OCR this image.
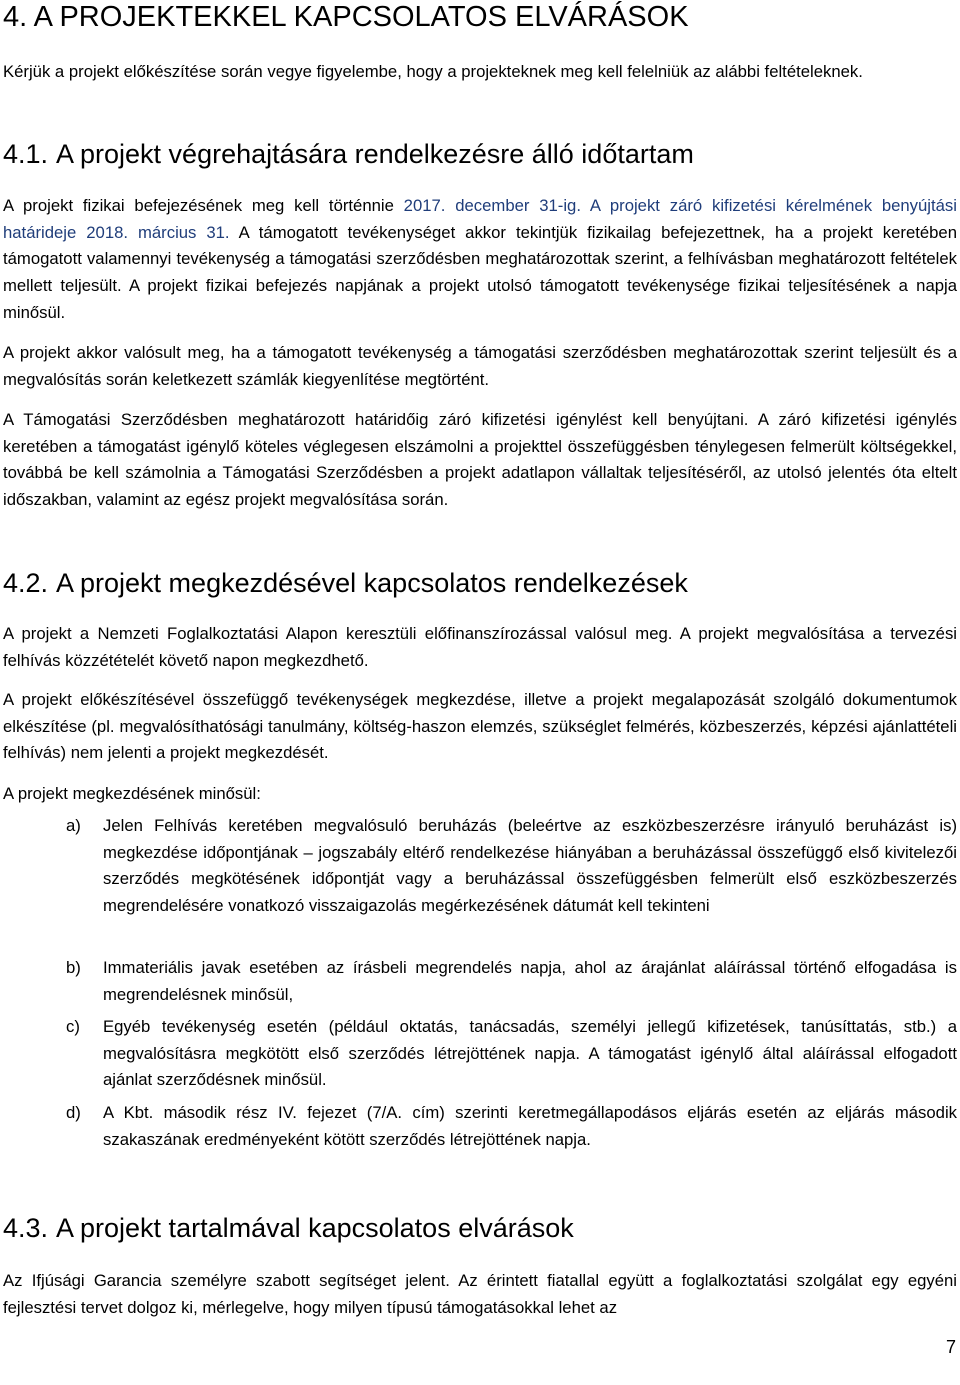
4. A PROJEKTEKKEL KAPCSOLATOS ELVÁRÁSOK

Kérjük a projekt előkészítése során vegye figyelembe, hogy a projekteknek meg kell felelniük az alábbi feltételeknek.

4.1. A projekt végrehajtására rendelkezésre álló időtartam

A projekt fizikai befejezésének meg kell történnie 2017. december 31-ig. A projekt záró kifizetési kérelmének benyújtási határideje 2018. március 31. A támogatott tevékenységet akkor tekintjük fizikailag befejezettnek, ha a projekt keretében támogatott valamennyi tevékenység a támogatási szerződésben meghatározottak szerint, a felhívásban meghatározott feltételek mellett teljesült. A projekt fizikai befejezés napjának a projekt utolsó támogatott tevékenysége fizikai teljesítésének a napja minősül.

A projekt akkor valósult meg, ha a támogatott tevékenység a támogatási szerződésben meghatározottak szerint teljesült és a megvalósítás során keletkezett számlák kiegyenlítése megtörtént.

A Támogatási Szerződésben meghatározott határidőig záró kifizetési igénylést kell benyújtani. A záró kifizetési igénylés keretében a támogatást igénylő köteles véglegesen elszámolni a projekttel összefüggésben ténylegesen felmerült költségekkel, továbbá be kell számolnia a Támogatási Szerződésben a projekt adatlapon vállaltak teljesítéséről, az utolsó jelentés óta eltelt időszakban, valamint az egész projekt megvalósítása során.

4.2. A projekt megkezdésével kapcsolatos rendelkezések

A projekt a Nemzeti Foglalkoztatási Alapon keresztüli előfinanszírozással valósul meg. A projekt megvalósítása a tervezési felhívás közzétételét követő napon megkezdhető.

A projekt előkészítésével összefüggő tevékenységek megkezdése, illetve a projekt megalapozását szolgáló dokumentumok elkészítése (pl. megvalósíthatósági tanulmány, költség-haszon elemzés, szükséglet felmérés, közbeszerzés, képzési ajánlattételi felhívás) nem jelenti a projekt megkezdését.

A projekt megkezdésének minősül:

a) Jelen Felhívás keretében megvalósuló beruházás (beleértve az eszközbeszerzésre irányuló beruházást is) megkezdése időpontjának – jogszabály eltérő rendelkezése hiányában a beruházással összefüggő első kivitelezői szerződés megkötésének időpontját vagy a beruházással összefüggésben felmerült első eszközbeszerzés megrendelésére vonatkozó visszaigazolás megérkezésének dátumát kell tekinteni
b) Immateriális javak esetében az írásbeli megrendelés napja, ahol az árajánlat aláírással történő elfogadása is megrendelésnek minősül,
c) Egyéb tevékenység esetén (például oktatás, tanácsadás, személyi jellegű kifizetések, tanúsíttatás, stb.) a megvalósításra megkötött első szerződés létrejöttének napja. A támogatást igénylő által aláírással elfogadott ajánlat szerződésnek minősül.
d) A Kbt. második rész IV. fejezet (7/A. cím) szerinti keretmegállapodásos eljárás esetén az eljárás második szakaszának eredményeként kötött szerződés létrejöttének napja.
4.3. A projekt tartalmával kapcsolatos elvárások

Az Ifjúsági Garancia személyre szabott segítséget jelent. Az érintett fiatallal együtt a foglalkoztatási szolgálat egy egyéni fejlesztési tervet dolgoz ki, mérlegelve, hogy milyen típusú támogatásokkal lehet az

7
